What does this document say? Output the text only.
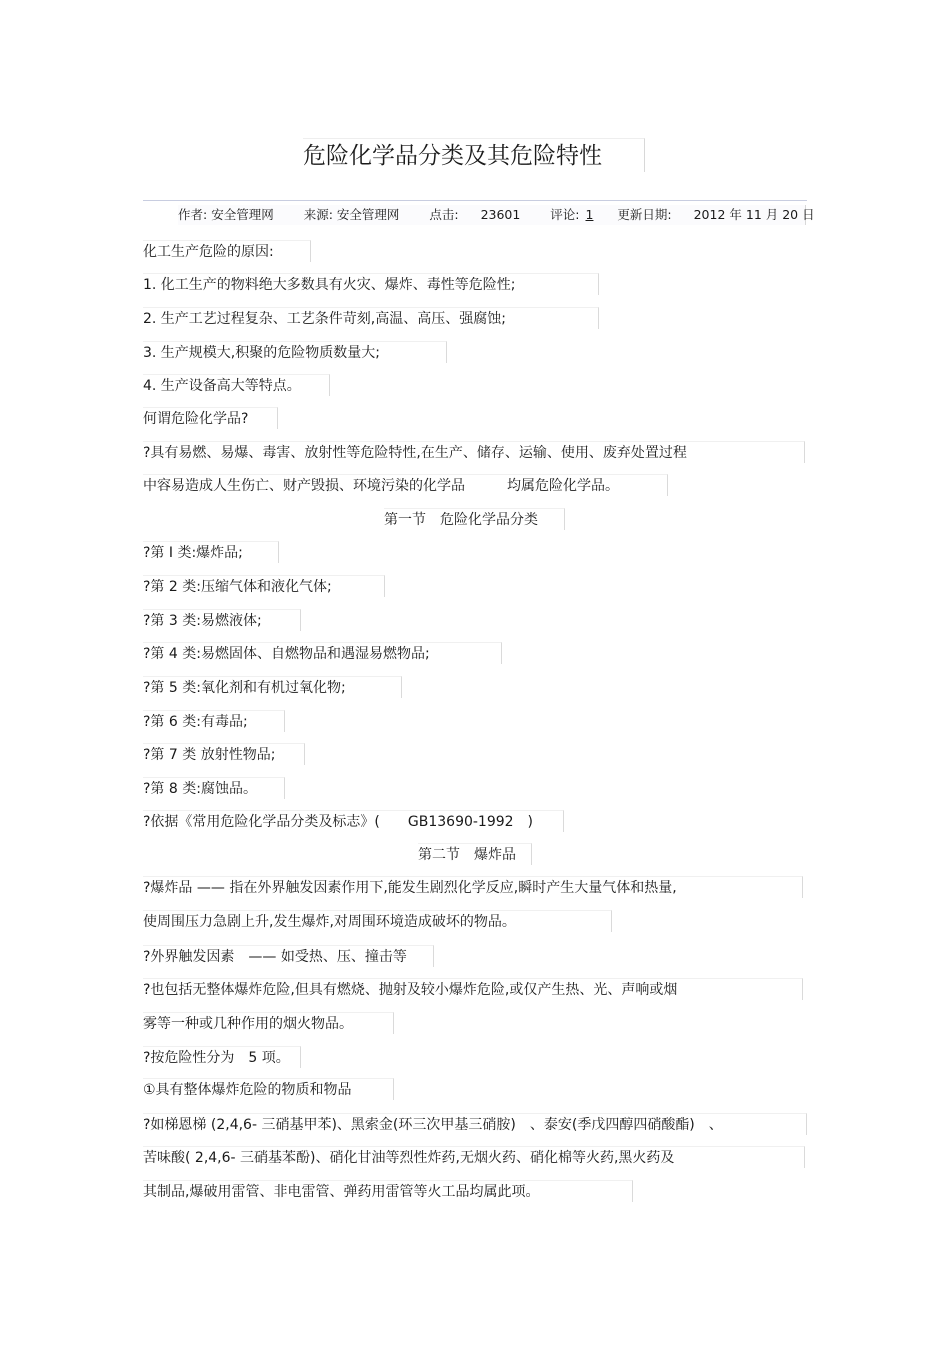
危险化学品分类及其危险特性
作者: 安全管理网 来源: 安全管理网 点击: 23601 评论: 1 更新日期: 2012 年 11 月 20 日
化工生产危险的原因:
1. 化工生产的物料绝大多数具有火灾、爆炸、毒性等危险性;
2. 生产工艺过程复杂、工艺条件苛刻,高温、高压、强腐蚀;
3. 生产规模大,积聚的危险物质数量大;
4. 生产设备高大等特点。
何谓危险化学品?
?具有易燃、易爆、毒害、放射性等危险特性,在生产、储存、运输、使用、废弃处置过程
中容易造成人生伤亡、财产毁损、环境污染的化学品　　　均属危险化学品。
第一节　危险化学品分类
?第 I 类:爆炸品;
?第 2 类:压缩气体和液化气体;
?第 3 类:易燃液体;
?第 4 类:易燃固体、自燃物品和遇湿易燃物品;
?第 5 类:氧化剂和有机过氧化物;
?第 6 类:有毒品;
?第 7 类 放射性物品;
?第 8 类:腐蚀品。
?依据《常用危险化学品分类及标志》(　　GB13690-1992　)
第二节　爆炸品
?爆炸品 —— 指在外界触发因素作用下,能发生剧烈化学反应,瞬时产生大量气体和热量,
使周围压力急剧上升,发生爆炸,对周围环境造成破坏的物品。
?外界触发因素　—— 如受热、压、撞击等
?也包括无整体爆炸危险,但具有燃烧、抛射及较小爆炸危险,或仅产生热、光、声响或烟
雾等一种或几种作用的烟火物品。
?按危险性分为　5 项。
①具有整体爆炸危险的物质和物品
?如梯恩梯 (2,4,6- 三硝基甲苯)、黑索金(环三次甲基三硝胺)　、泰安(季戊四醇四硝酸酯)　、
苦味酸( 2,4,6- 三硝基苯酚)、硝化甘油等烈性炸药,无烟火药、硝化棉等火药,黑火药及
其制品,爆破用雷管、非电雷管、弹药用雷管等火工品均属此项。
